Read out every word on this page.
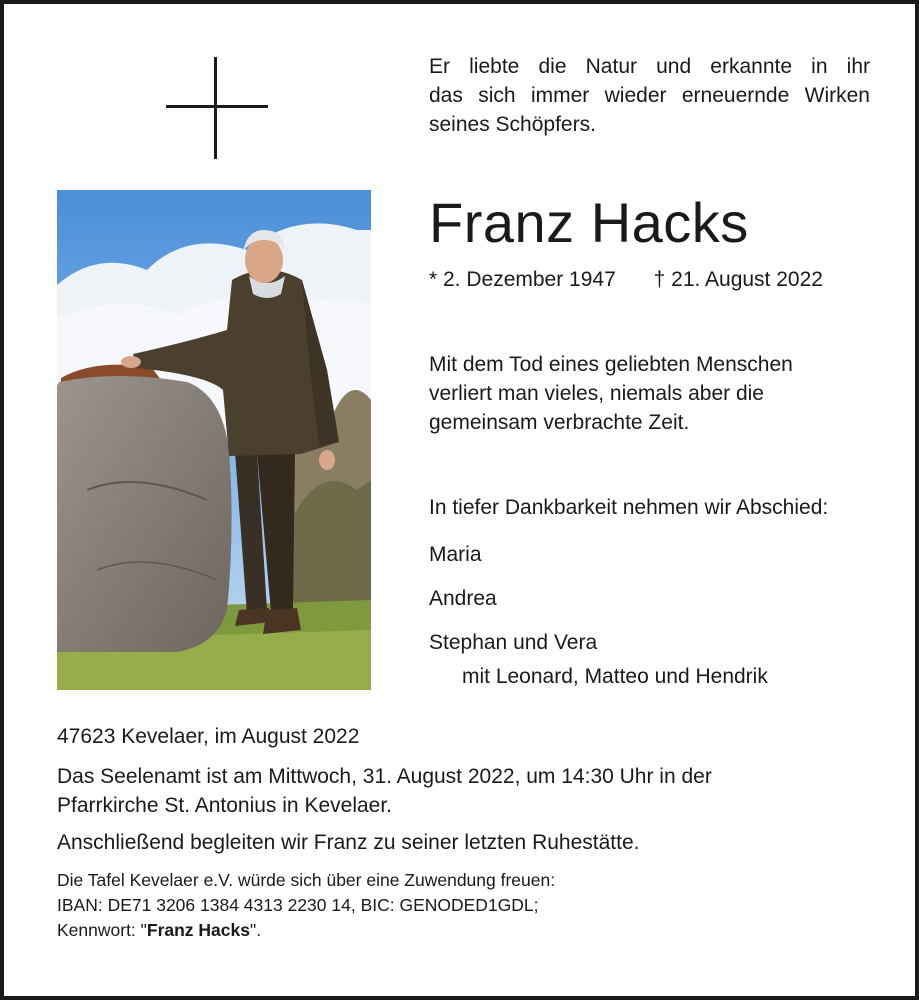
Er liebte die Natur und erkannte in ihr
das sich immer wieder erneuernde Wirken
seines Schöpfers.
Franz Hacks
* 2. Dezember 1947 † 21. August 2022
Mit dem Tod eines geliebten Menschen
verliert man vieles, niemals aber die
gemeinsam verbrachte Zeit.
In tiefer Dankbarkeit nehmen wir Abschied:
Maria
Andrea
Stephan und Vera
mit Leonard, Matteo und Hendrik
47623 Kevelaer, im August 2022
Das Seelenamt ist am Mittwoch, 31. August 2022, um 14:30 Uhr in der
Pfarrkirche St. Antonius in Kevelaer.
Anschließend begleiten wir Franz zu seiner letzten Ruhestätte.
Die Tafel Kevelaer e.V. würde sich über eine Zuwendung freuen:
IBAN: DE71 3206 1384 4313 2230 14, BIC: GENODED1GDL;
Kennwort: "Franz Hacks".
